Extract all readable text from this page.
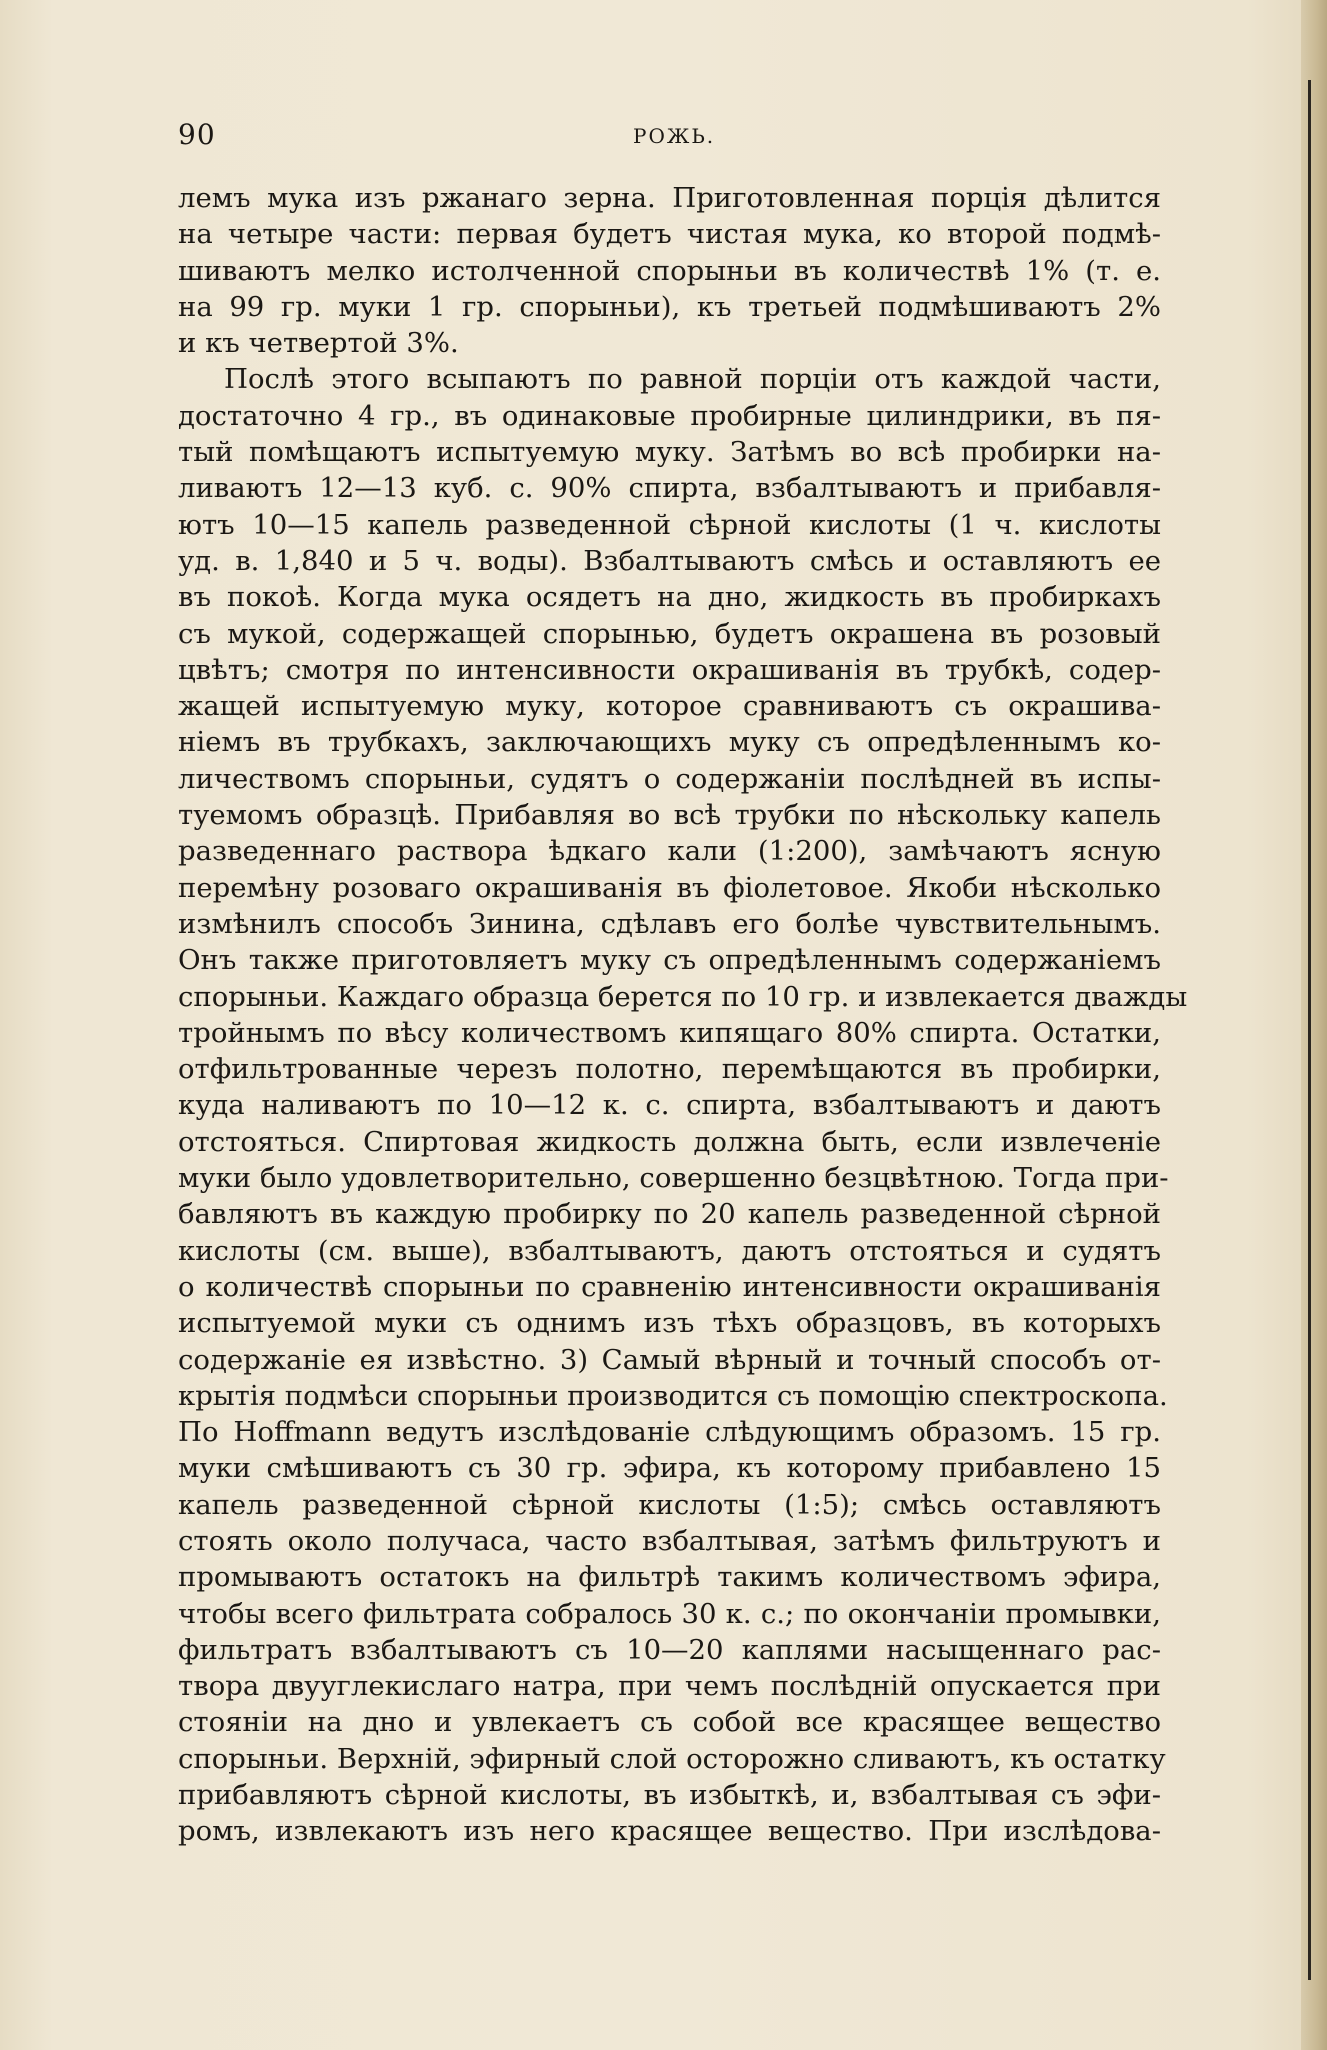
90	РОЖЬ.
лемъ мука изъ ржанаго зерна. Приготовленная порція дѣлится
на четыре части: первая будетъ чистая мука, ко второй подмѣ-
шиваютъ мелко истолченной спорыньи въ количествѣ 1% (т. е.
на 99 гр. муки 1 гр. спорыньи), къ третьей подмѣшиваютъ 2%
и къ четвертой 3%.
Послѣ этого всыпаютъ по равной порціи отъ каждой части,
достаточно 4 гр., въ одинаковые пробирные цилиндрики, въ пя-
тый помѣщаютъ испытуемую муку. Затѣмъ во всѣ пробирки на-
ливаютъ 12—13 куб. с. 90% спирта, взбалтываютъ и прибавля-
ютъ 10—15 капель разведенной сѣрной кислоты (1 ч. кислоты
уд. в. 1,840 и 5 ч. воды). Взбалтываютъ смѣсь и оставляютъ ее
въ покоѣ. Когда мука осядетъ на дно, жидкость въ пробиркахъ
съ мукой, содержащей спорынью, будетъ окрашена въ розовый
цвѣтъ; смотря по интенсивности окрашиванія въ трубкѣ, содер-
жащей испытуемую муку, которое сравниваютъ съ окрашива-
ніемъ въ трубкахъ, заключающихъ муку съ опредѣленнымъ ко-
личествомъ спорыньи, судятъ о содержаніи послѣдней въ испы-
туемомъ образцѣ. Прибавляя во всѣ трубки по нѣскольку капель
разведеннаго раствора ѣдкаго кали (1:200), замѣчаютъ ясную
перемѣну розоваго окрашиванія въ фіолетовое. Якоби нѣсколько
измѣнилъ способъ Зинина, сдѣлавъ его болѣе чувствительнымъ.
Онъ также приготовляетъ муку съ опредѣленнымъ содержаніемъ
спорыньи. Каждаго образца берется по 10 гр. и извлекается дважды
тройнымъ по вѣсу количествомъ кипящаго 80% спирта. Остатки,
отфильтрованные черезъ полотно, перемѣщаются въ пробирки,
куда наливаютъ по 10—12 к. с. спирта, взбалтываютъ и даютъ
отстояться. Спиртовая жидкость должна быть, если извлеченіе
муки было удовлетворительно, совершенно безцвѣтною. Тогда при-
бавляютъ въ каждую пробирку по 20 капель разведенной сѣрной
кислоты (см. выше), взбалтываютъ, даютъ отстояться и судятъ
о количествѣ спорыньи по сравненію интенсивности окрашиванія
испытуемой муки съ однимъ изъ тѣхъ образцовъ, въ которыхъ
содержаніе ея извѣстно. 3) Самый вѣрный и точный способъ от-
крытія подмѣси спорыньи производится съ помощію спектроскопа.
По Hoffmann ведутъ изслѣдованіе слѣдующимъ образомъ. 15 гр.
муки смѣшиваютъ съ 30 гр. эфира, къ которому прибавлено 15
капель разведенной сѣрной кислоты (1:5); смѣсь оставляютъ
стоять около получаса, часто взбалтывая, затѣмъ фильтруютъ и
промываютъ остатокъ на фильтрѣ такимъ количествомъ эфира,
чтобы всего фильтрата собралось 30 к. с.; по окончаніи промывки,
фильтратъ взбалтываютъ съ 10—20 каплями насыщеннаго рас-
твора двууглекислаго натра, при чемъ послѣдній опускается при
стояніи на дно и увлекаетъ съ собой все красящее вещество
спорыньи. Верхній, эфирный слой осторожно сливаютъ, къ остатку
прибавляютъ сѣрной кислоты, въ избыткѣ, и, взбалтывая съ эфи-
ромъ, извлекаютъ изъ него красящее вещество. При изслѣдова-
